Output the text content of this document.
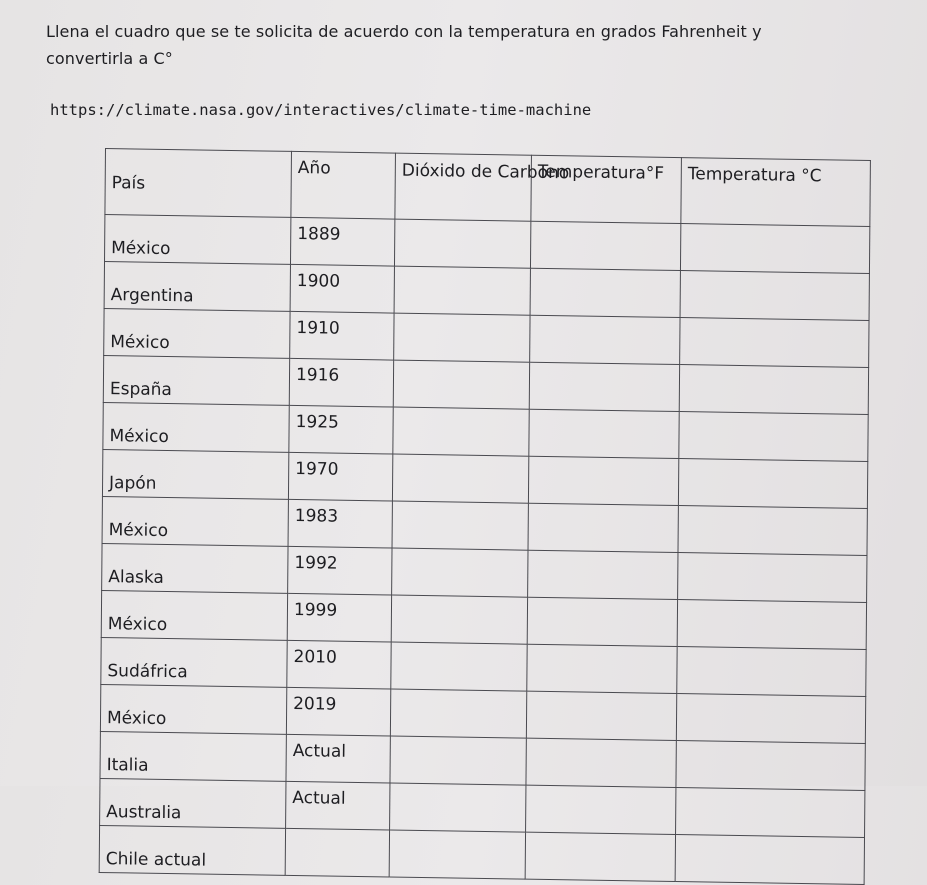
Llena el cuadro que se te solicita de acuerdo con la temperatura en grados Fahrenheit y convertirla a C°
https://climate.nasa.gov/interactives/climate-time-machine
País	Año	Dióxido de Carbono	Temperatura°F	Temperatura °C
México	1889			
Argentina	1900			
México	1910			
España	1916			
México	1925			
Japón	1970			
México	1983			
Alaska	1992			
México	1999			
Sudáfrica	2010			
México	2019			
Italia	Actual			
Australia	Actual			
Chile actual				
